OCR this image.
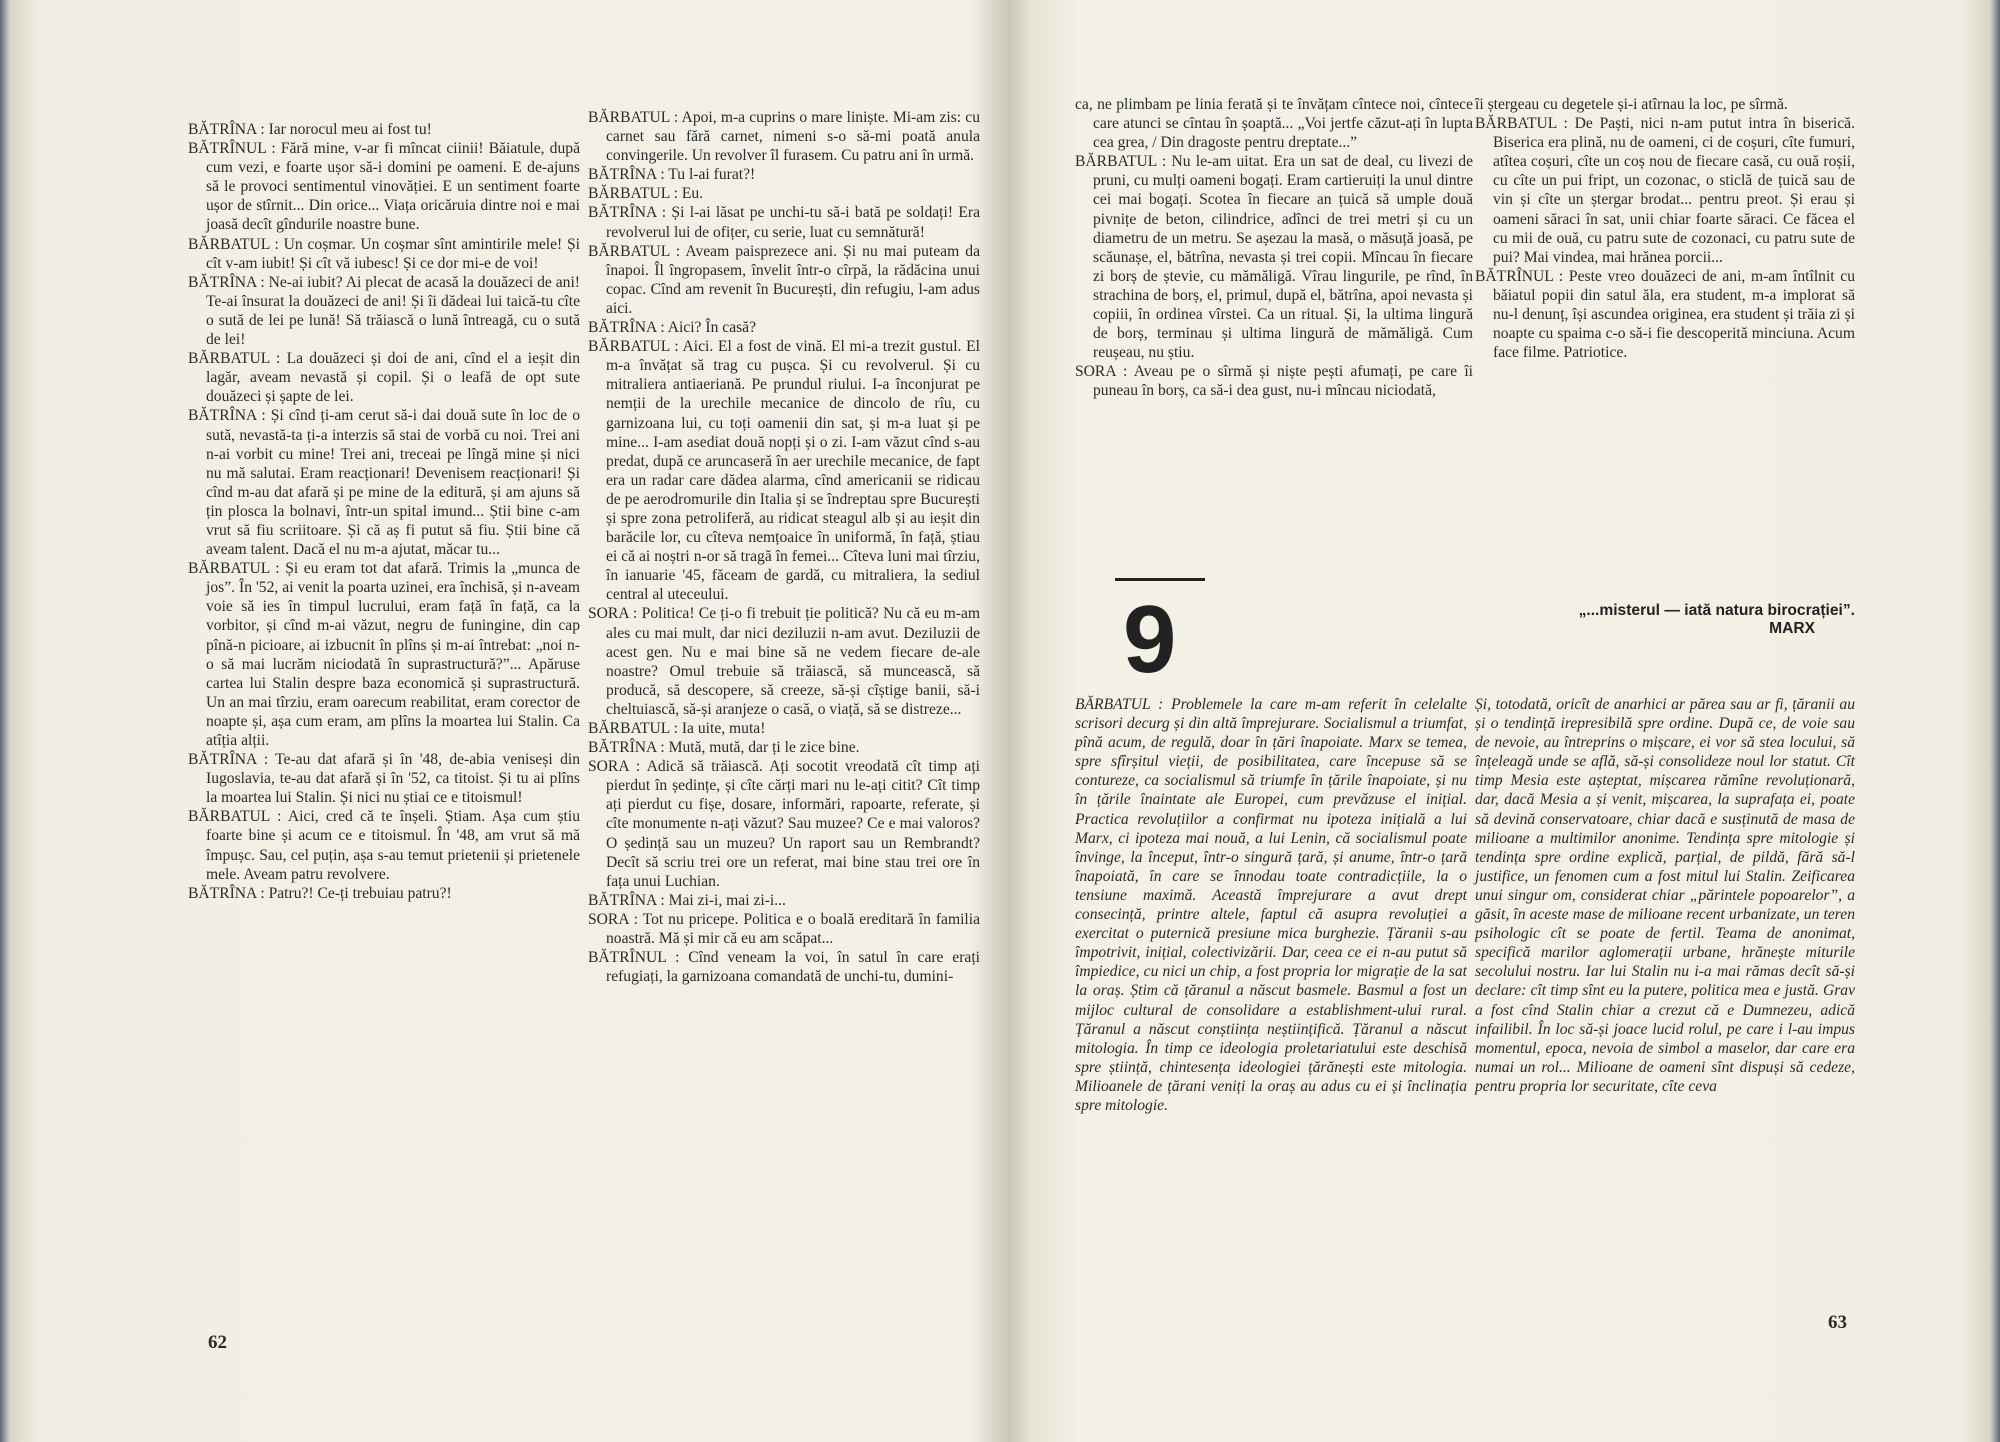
BĂTRÎNA : Iar norocul meu ai fost tu!

BĂTRÎNUL : Fără mine, v-ar fi mîncat ciinii! Băiatule, după cum vezi, e foarte ușor să-i domini pe oameni. E de-ajuns să le provoci sentimentul vinovăției. E un sentiment foarte ușor de stîrnit... Din orice... Viața oricăruia dintre noi e mai joasă decît gîndurile noastre bune.

BĂRBATUL : Un coșmar. Un coșmar sînt amintirile mele! Și cît v-am iubit! Și cît vă iubesc! Și ce dor mi-e de voi!

BĂTRÎNA : Ne-ai iubit? Ai plecat de acasă la douăzeci de ani! Te-ai însurat la douăzeci de ani! Și îi dădeai lui taică-tu cîte o sută de lei pe lună! Să trăiască o lună întreagă, cu o sută de lei!

BĂRBATUL : La douăzeci și doi de ani, cînd el a ieșit din lagăr, aveam nevastă și copil. Și o leafă de opt sute douăzeci și șapte de lei.

BĂTRÎNA : Și cînd ți-am cerut să-i dai două sute în loc de o sută, nevastă-ta ți-a interzis să stai de vorbă cu noi. Trei ani n-ai vorbit cu mine! Trei ani, treceai pe lîngă mine și nici nu mă salutai. Eram reacționari! Devenisem reacționari! Și cînd m-au dat afară și pe mine de la editură, și am ajuns să țin plosca la bolnavi, într-un spital imund... Știi bine c-am vrut să fiu scriitoare. Și că aș fi putut să fiu. Știi bine că aveam talent. Dacă el nu m-a ajutat, măcar tu...

BĂRBATUL : Și eu eram tot dat afară. Trimis la „munca de jos”. În '52, ai venit la poarta uzinei, era închisă, și n-aveam voie să ies în timpul lucrului, eram față în față, ca la vorbitor, și cînd m-ai văzut, negru de funingine, din cap pînă-n picioare, ai izbucnit în plîns și m-ai întrebat: „noi n-o să mai lucrăm niciodată în suprastructură?”... Apăruse cartea lui Stalin despre baza economică și suprastructură. Un an mai tîrziu, eram oarecum reabilitat, eram corector de noapte și, așa cum eram, am plîns la moartea lui Stalin. Ca atîția alții.

BĂTRÎNA : Te-au dat afară și în '48, de-abia veniseși din Iugoslavia, te-au dat afară și în '52, ca titoist. Și tu ai plîns la moartea lui Stalin. Și nici nu știai ce e titoismul!

BĂRBATUL : Aici, cred că te înșeli. Știam. Așa cum știu foarte bine și acum ce e titoismul. În '48, am vrut să mă împușc. Sau, cel puțin, așa s-au temut prietenii și prietenele mele. Aveam patru revolvere.

BĂTRÎNA : Patru?! Ce-ți trebuiau patru?!

BĂRBATUL : Apoi, m-a cuprins o mare liniște. Mi-am zis: cu carnet sau fără carnet, nimeni s-o să-mi poată anula convingerile. Un revolver îl furasem. Cu patru ani în urmă.

BĂTRÎNA : Tu l-ai furat?!

BĂRBATUL : Eu.

BĂTRÎNA : Și l-ai lăsat pe unchi-tu să-i bată pe soldați! Era revolverul lui de ofițer, cu serie, luat cu semnătură!

BĂRBATUL : Aveam paisprezece ani. Și nu mai puteam da înapoi. Îl îngropasem, învelit într-o cîrpă, la rădăcina unui copac. Cînd am revenit în București, din refugiu, l-am adus aici.

BĂTRÎNA : Aici? În casă?

BĂRBATUL : Aici. El a fost de vină. El mi-a trezit gustul. El m-a învățat să trag cu pușca. Și cu revolverul. Și cu mitraliera antiaeriană. Pe prundul riului. I-a înconjurat pe nemții de la urechile mecanice de dincolo de rîu, cu garnizoana lui, cu toți oamenii din sat, și m-a luat și pe mine... I-am asediat două nopți și o zi. I-am văzut cînd s-au predat, după ce aruncaseră în aer urechile mecanice, de fapt era un radar care dădea alarma, cînd americanii se ridicau de pe aerodromurile din Italia și se îndreptau spre București și spre zona petroliferă, au ridicat steagul alb și au ieșit din barăcile lor, cu cîteva nemțoaice în uniformă, în față, știau ei că ai noștri n-or să tragă în femei... Cîteva luni mai tîrziu, în ianuarie '45, făceam de gardă, cu mitraliera, la sediul central al uteceului.

SORA : Politica! Ce ți-o fi trebuit ție politică? Nu că eu m-am ales cu mai mult, dar nici deziluzii n-am avut. Deziluzii de acest gen. Nu e mai bine să ne vedem fiecare de-ale noastre? Omul trebuie să trăiască, să muncească, să producă, să descopere, să creeze, să-și cîștige banii, să-i cheltuiască, să-și aranjeze o casă, o viață, să se distreze...

BĂRBATUL : Ia uite, muta!

BĂTRÎNA : Mută, mută, dar ți le zice bine.

SORA : Adică să trăiască. Ați socotit vreodată cît timp ați pierdut în ședințe, și cîte cărți mari nu le-ați citit? Cît timp ați pierdut cu fișe, dosare, informări, rapoarte, referate, și cîte monumente n-ați văzut? Sau muzee? Ce e mai valoros? O ședință sau un muzeu? Un raport sau un Rembrandt? Decît să scriu trei ore un referat, mai bine stau trei ore în fața unui Luchian.

BĂTRÎNA : Mai zi-i, mai zi-i...

SORA : Tot nu pricepe. Politica e o boală ereditară în familia noastră. Mă și mir că eu am scăpat...

BĂTRÎNUL : Cînd veneam la voi, în satul în care erați refugiați, la garnizoana comandată de unchi-tu, dumini-

62

ca, ne plimbam pe linia ferată și te învățam cîntece noi, cîntece care atunci se cîntau în șoaptă... „Voi jertfe căzut-ați în lupta cea grea, / Din dragoste pentru dreptate...”

BĂRBATUL : Nu le-am uitat. Era un sat de deal, cu livezi de pruni, cu mulți oameni bogați. Eram cartieruiți la unul dintre cei mai bogați. Scotea în fiecare an țuică să umple două pivnițe de beton, cilindrice, adînci de trei metri și cu un diametru de un metru. Se așezau la masă, o măsuță joasă, pe scăunașe, el, bătrîna, nevasta și trei copii. Mîncau în fiecare zi borș de ștevie, cu mămăligă. Vîrau lingurile, pe rînd, în strachina de borș, el, primul, după el, bătrîna, apoi nevasta și copiii, în ordinea vîrstei. Ca un ritual. Și, la ultima lingură de borș, terminau și ultima lingură de mămăligă. Cum reușeau, nu știu.

SORA : Aveau pe o sîrmă și niște pești afumați, pe care îi puneau în borș, ca să-i dea gust, nu-i mîncau niciodată,

îi ștergeau cu degetele și-i atîrnau la loc, pe sîrmă.

BĂRBATUL : De Paști, nici n-am putut intra în biserică. Biserica era plină, nu de oameni, ci de coșuri, cîte fumuri, atîtea coșuri, cîte un coș nou de fiecare casă, cu ouă roșii, cu cîte un pui fript, un cozonac, o sticlă de țuică sau de vin și cîte un ștergar brodat... pentru preot. Și erau și oameni săraci în sat, unii chiar foarte săraci. Ce făcea el cu mii de ouă, cu patru sute de cozonaci, cu patru sute de pui? Mai vindea, mai hrănea porcii...

BĂTRÎNUL : Peste vreo douăzeci de ani, m-am întîlnit cu băiatul popii din satul ăla, era student, m-a implorat să nu-l denunț, își ascundea originea, era student și trăia zi și noapte cu spaima c-o să-i fie descoperită minciuna. Acum face filme. Patriotice.

9	„...misterul — iată natura birocrației”.
MARX
BĂRBATUL : Problemele la care m-am referit în celelalte scrisori decurg și din altă împrejurare. Socialismul a triumfat, pînă acum, de regulă, doar în țări înapoiate. Marx se temea, spre sfîrșitul vieții, de posibilitatea, care începuse să se contureze, ca socialismul să triumfe în țările înapoiate, și nu în țările înaintate ale Europei, cum prevăzuse el inițial. Practica revoluțiilor a confirmat nu ipoteza inițială a lui Marx, ci ipoteza mai nouă, a lui Lenin, că socialismul poate învinge, la început, într-o singură țară, și anume, într-o țară înapoiată, în care se înnodau toate contradicțiile, la o tensiune maximă. Această împrejurare a avut drept consecință, printre altele, faptul că asupra revoluției a exercitat o puternică presiune mica burghezie. Țăranii s-au împotrivit, inițial, colectivizării. Dar, ceea ce ei n-au putut să împiedice, cu nici un chip, a fost propria lor migrație de la sat la oraș. Știm că țăranul a născut basmele. Basmul a fost un mijloc cultural de consolidare a establishment-ului rural. Țăranul a născut conștiința neștiințifică. Țăranul a născut mitologia. În timp ce ideologia proletariatului este deschisă spre știință, chintesența ideologiei țărănești este mitologia. Milioanele de țărani veniți la oraș au adus cu ei și înclinația spre mitologie.
Și, totodată, oricît de anarhici ar părea sau ar fi, țăranii au și o tendință irepresibilă spre ordine. După ce, de voie sau de nevoie, au întreprins o mișcare, ei vor să stea locului, să înțeleagă unde se află, să-și consolideze noul lor statut. Cît timp Mesia este așteptat, mișcarea rămîne revoluționară, dar, dacă Mesia a și venit, mișcarea, la suprafața ei, poate să devină conservatoare, chiar dacă e susținută de masa de milioane a multimilor anonime. Tendința spre mitologie și tendința spre ordine explică, parțial, de pildă, fără să-l justifice, un fenomen cum a fost mitul lui Stalin. Zeificarea unui singur om, considerat chiar „părintele popoarelor”, a găsit, în aceste mase de milioane recent urbanizate, un teren psihologic cît se poate de fertil. Teama de anonimat, specifică marilor aglomerații urbane, hrănește miturile secolului nostru. Iar lui Stalin nu i-a mai rămas decît să-și declare: cît timp sînt eu la putere, politica mea e justă. Grav a fost cînd Stalin chiar a crezut că e Dumnezeu, adică infailibil. În loc să-și joace lucid rolul, pe care i l-au impus momentul, epoca, nevoia de simbol a maselor, dar care era numai un rol... Milioane de oameni sînt dispuși să cedeze, pentru propria lor securitate, cîte ceva
63
